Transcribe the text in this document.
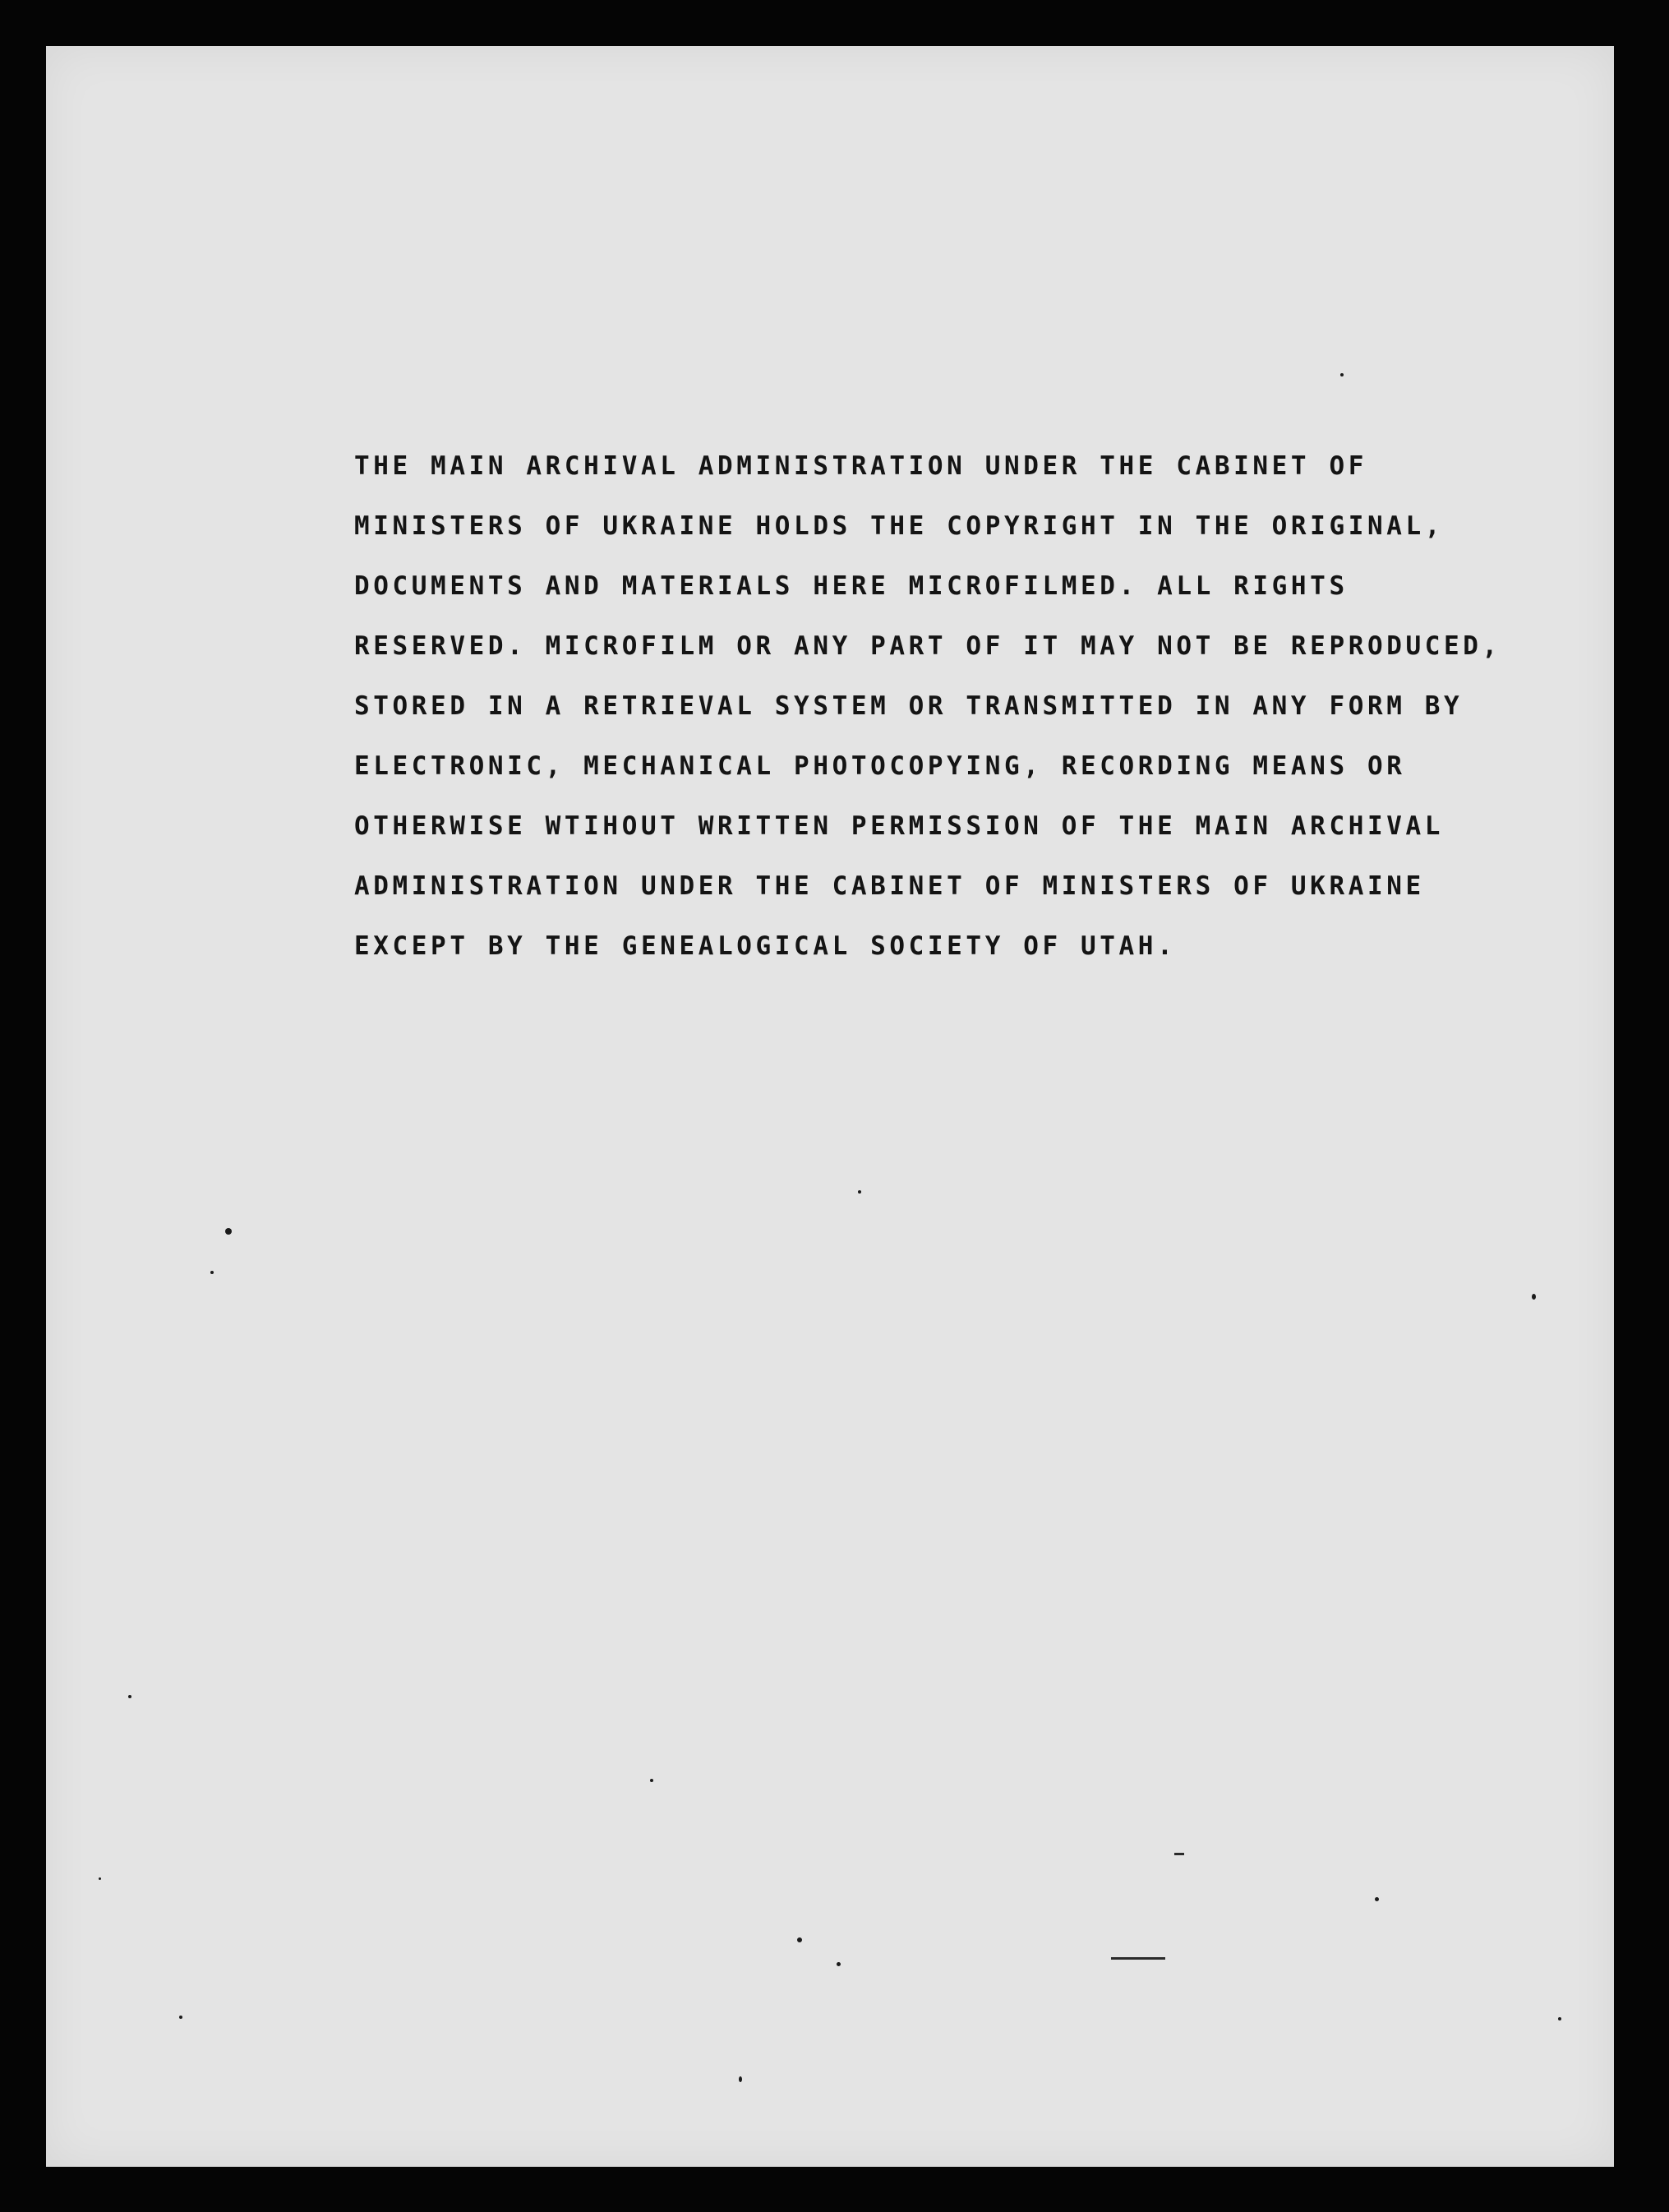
THE MAIN ARCHIVAL ADMINISTRATION UNDER THE CABINET OF
MINISTERS OF UKRAINE HOLDS THE COPYRIGHT IN THE ORIGINAL,
DOCUMENTS AND MATERIALS HERE MICROFILMED. ALL RIGHTS
RESERVED. MICROFILM OR ANY PART OF IT MAY NOT BE REPRODUCED,
STORED IN A RETRIEVAL SYSTEM OR TRANSMITTED IN ANY FORM BY
ELECTRONIC, MECHANICAL PHOTOCOPYING, RECORDING MEANS OR
OTHERWISE WTIHOUT WRITTEN PERMISSION OF THE MAIN ARCHIVAL
ADMINISTRATION UNDER THE CABINET OF MINISTERS OF UKRAINE
EXCEPT BY THE GENEALOGICAL SOCIETY OF UTAH.
